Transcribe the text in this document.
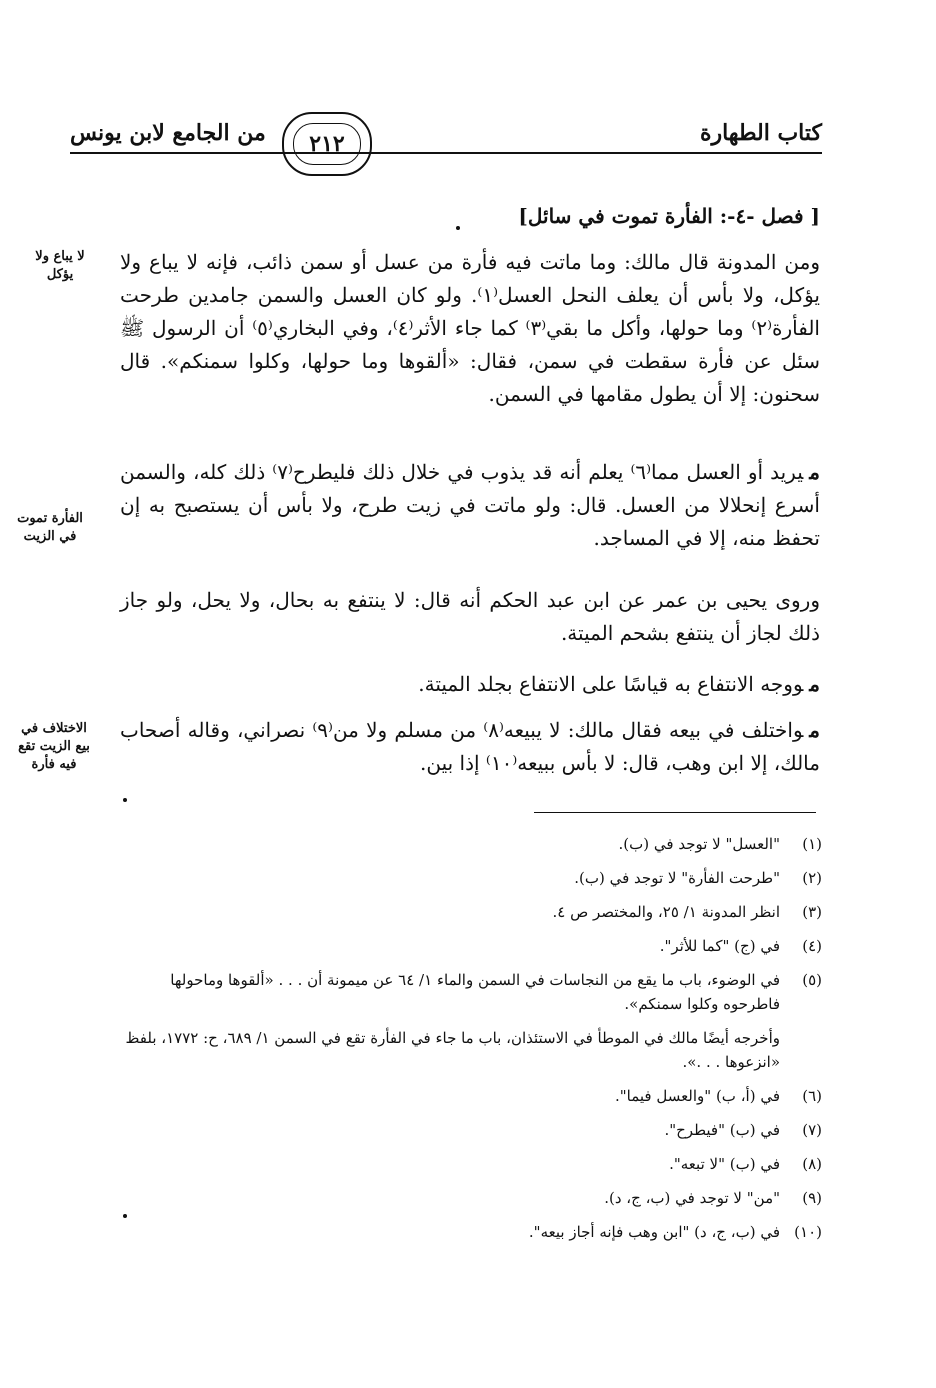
من الجامع لابن يونس	٢١٢	كتاب الطهارة

[ فصل -٤-: الفأرة تموت في سائل]

ومن المدونة قال مالك: وما ماتت فيه فأرة من عسل أو سمن ذائب، فإنه لا يباع ولا يؤكل، ولا بأس أن يعلف النحل العسل⁽١⁾. ولو كان العسل والسمن جامدين طرحت الفأرة⁽٢⁾ وما حولها، وأكل ما بقي⁽٣⁾ كما جاء الأثر⁽٤⁾، وفي البخاري⁽٥⁾ أن الرسول ﷺ سئل عن فأرة سقطت في سمن، فقال: «ألقوها وما حولها، وكلوا سمنكم». قال سحنون: إلا أن يطول مقامها في السمن.

ميريد أو العسل مما⁽٦⁾ يعلم أنه قد يذوب في خلال ذلك فليطرح⁽٧⁾ ذلك كله، والسمن أسرع إنحلالا من العسل. قال: ولو ماتت في زيت طرح، ولا بأس أن يستصبح به إن تحفظ منه، إلا في المساجد.

وروى يحيى بن عمر عن ابن عبد الحكم أنه قال: لا ينتفع به بحال، ولا يحل، ولو جاز ذلك لجاز أن ينتفع بشحم الميتة.

مووجه الانتفاع به قياسًا على الانتفاع بجلد الميتة.

مواختلف في بيعه فقال مالك: لا يبيعه⁽٨⁾ من مسلم ولا من⁽٩⁾ نصراني، وقاله أصحاب مالك، إلا ابن وهب، قال: لا بأس ببيعه⁽١٠⁾ إذا بين.

لا يباع ولا يؤكل
الفأرة تموت في الزيت
الاختلاف في بيع الزيت تقع فيه فأرة
(١)
"العسل" لا توجد في (ب).
(٢)
"طرحت الفأرة" لا توجد في (ب).
(٣)
انظر المدونة ١/ ٢٥، والمختصر ص ٤.
(٤)
في (ج) "كما للأثر".
(٥)
في الوضوء، باب ما يقع من النجاسات في السمن والماء ١/ ٦٤ عن ميمونة أن . . . «ألقوها وماحولها فاطرحوه وكلوا سمنكم».
وأخرجه أيضًا مالك في الموطأ في الاستئذان، باب ما جاء في الفأرة تقع في السمن ١/ ٦٨٩، ح: ١٧٧٢، بلفظ «انزعوها . . .».
(٦)
في (أ، ب) "والعسل فيما".
(٧)
في (ب) "فيطرح".
(٨)
في (ب) "لا تبعه".
(٩)
"من" لا توجد في (ب، ج، د).
(١٠)
في (ب، ج، د) "ابن وهب فإنه أجاز بيعه".
